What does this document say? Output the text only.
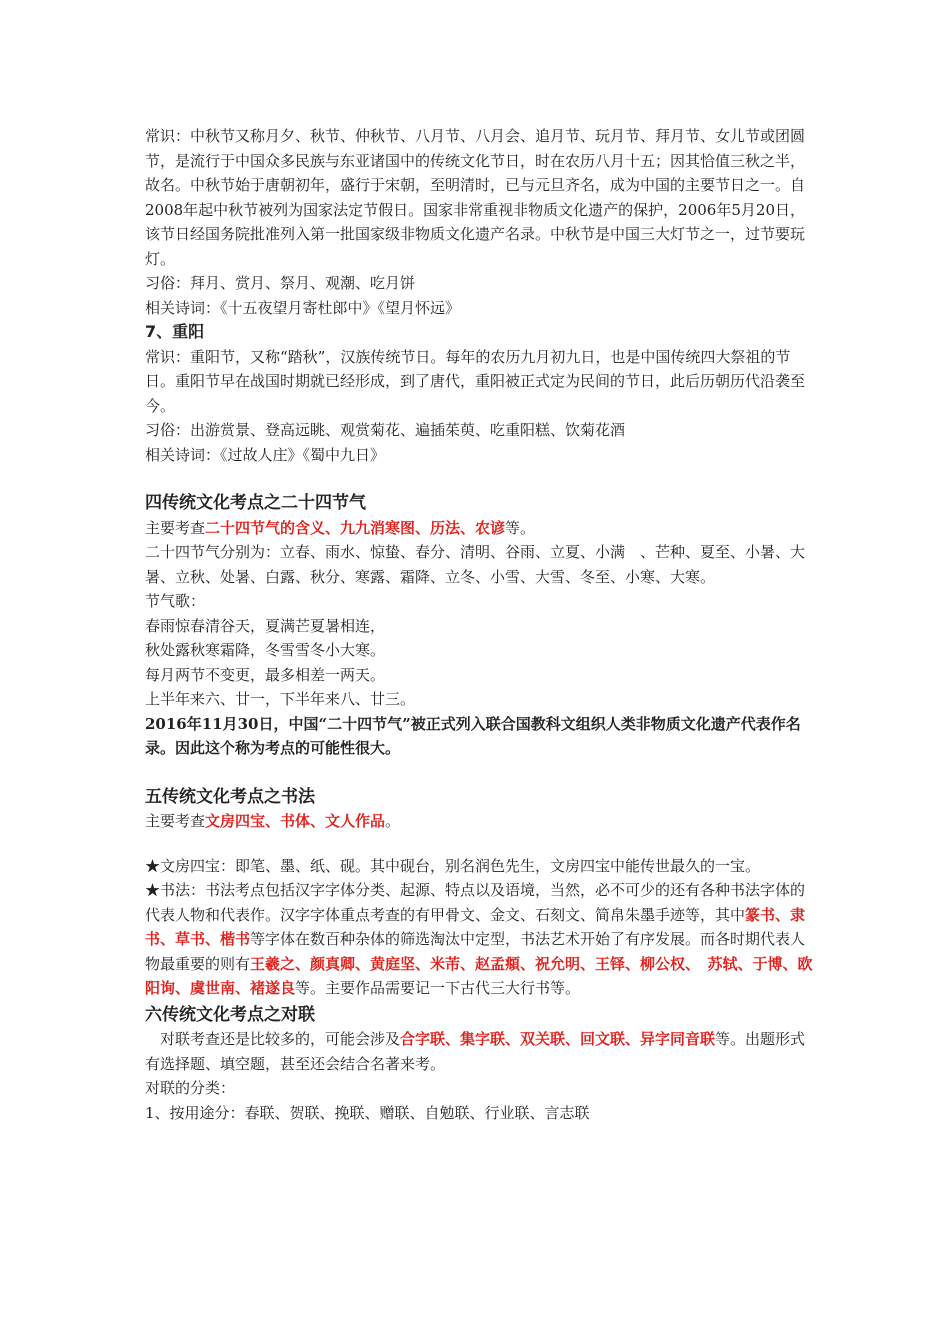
常识：中秋节又称月夕、秋节、仲秋节、八月节、八月会、追月节、玩月节、拜月节、女儿节或团圆节，是流行于中国众多民族与东亚诸国中的传统文化节日，时在农历八月十五；因其恰值三秋之半，故名。中秋节始于唐朝初年，盛行于宋朝，至明清时，已与元旦齐名，成为中国的主要节日之一。自2008年起中秋节被列为国家法定节假日。国家非常重视非物质文化遗产的保护，2006年5月20日，该节日经国务院批准列入第一批国家级非物质文化遗产名录。中秋节是中国三大灯节之一，过节要玩灯。

习俗：拜月、赏月、祭月、观潮、吃月饼

相关诗词：《十五夜望月寄杜郎中》《望月怀远》

7、重阳

常识：重阳节，又称“踏秋”，汉族传统节日。每年的农历九月初九日，也是中国传统四大祭祖的节日。重阳节早在战国时期就已经形成，到了唐代，重阳被正式定为民间的节日，此后历朝历代沿袭至今。

习俗：出游赏景、登高远眺、观赏菊花、遍插茱萸、吃重阳糕、饮菊花酒

相关诗词：《过故人庄》《蜀中九日》

四传统文化考点之二十四节气

主要考查二十四节气的含义、九九消寒图、历法、农谚等。

二十四节气分别为：立春、雨水、惊蛰、春分、清明、谷雨、立夏、小满　、芒种、夏至、小暑、大暑、立秋、处暑、白露、秋分、寒露、霜降、立冬、小雪、大雪、冬至、小寒、大寒。

节气歌：

春雨惊春清谷天，夏满芒夏暑相连，

秋处露秋寒霜降，冬雪雪冬小大寒。

每月两节不变更，最多相差一两天。

上半年来六、廿一，下半年来八、廿三。

2016年11月30日，中国“二十四节气”被正式列入联合国教科文组织人类非物质文化遗产代表作名录。因此这个称为考点的可能性很大。

五传统文化考点之书法

主要考查文房四宝、书体、文人作品。

★文房四宝：即笔、墨、纸、砚。其中砚台，别名润色先生，文房四宝中能传世最久的一宝。

★书法：书法考点包括汉字字体分类、起源、特点以及语境，当然，必不可少的还有各种书法字体的代表人物和代表作。汉字字体重点考查的有甲骨文、金文、石刻文、简帛朱墨手迹等，其中篆书、隶书、草书、楷书等字体在数百种杂体的筛选淘汰中定型，书法艺术开始了有序发展。而各时期代表人物最重要的则有王羲之、颜真卿、黄庭坚、米芾、赵孟頫、祝允明、王铎、柳公权、　苏轼、于博、欧阳询、虞世南、褚遂良等。主要作品需要记一下古代三大行书等。

六传统文化考点之对联

对联考查还是比较多的，可能会涉及合字联、集字联、双关联、回文联、异字同音联等。出题形式有选择题、填空题，甚至还会结合名著来考。

对联的分类：

1、按用途分：春联、贺联、挽联、赠联、自勉联、行业联、言志联
